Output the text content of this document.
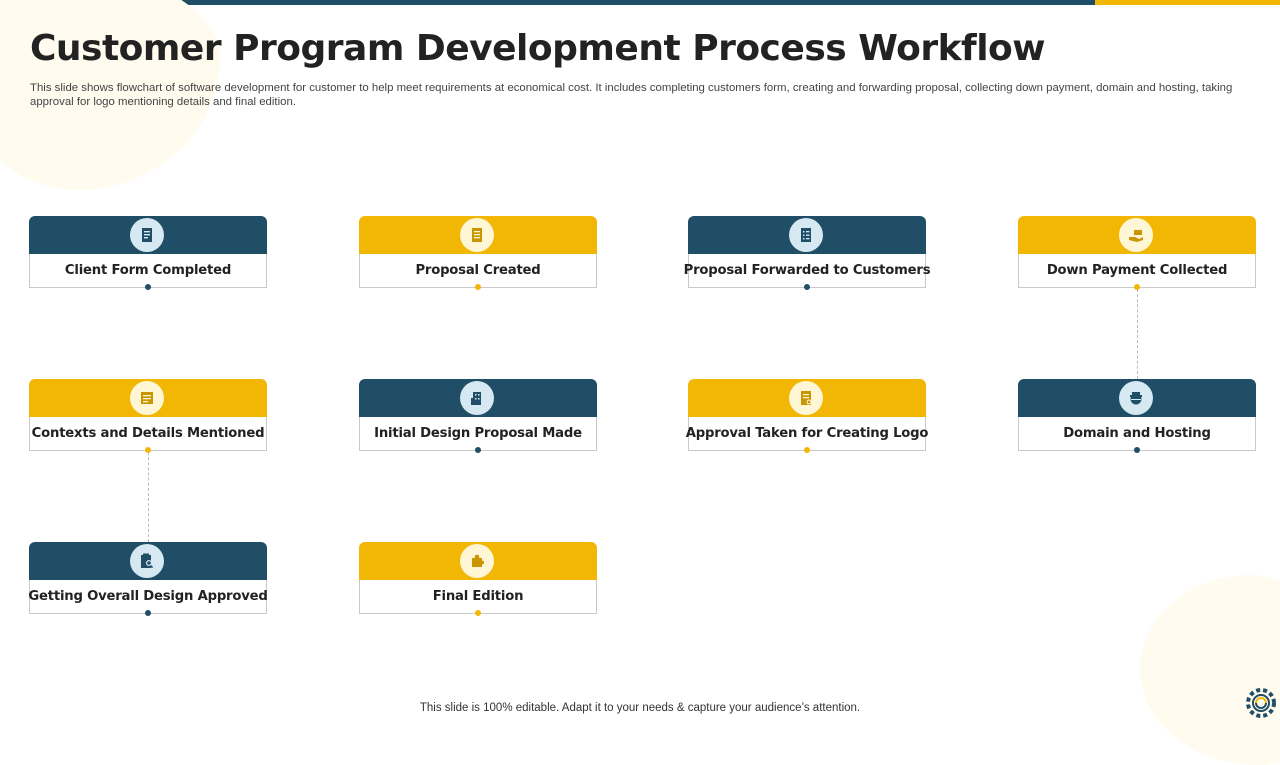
Customer Program Development Process Workflow
This slide shows flowchart of software development for customer to help meet requirements at economical cost. It includes completing customers form, creating and forwarding proposal, collecting down payment, domain and hosting, taking approval for logo mentioning details and final edition.
Client Form Completed	Proposal Created	Proposal Forwarded to Customers	Down Payment Collected
Contexts and Details Mentioned	Initial Design Proposal Made	Approval Taken for Creating Logo	Domain and Hosting
Getting Overall Design Approved	Final Edition
This slide is 100% editable. Adapt it to your needs & capture your audience’s attention.
